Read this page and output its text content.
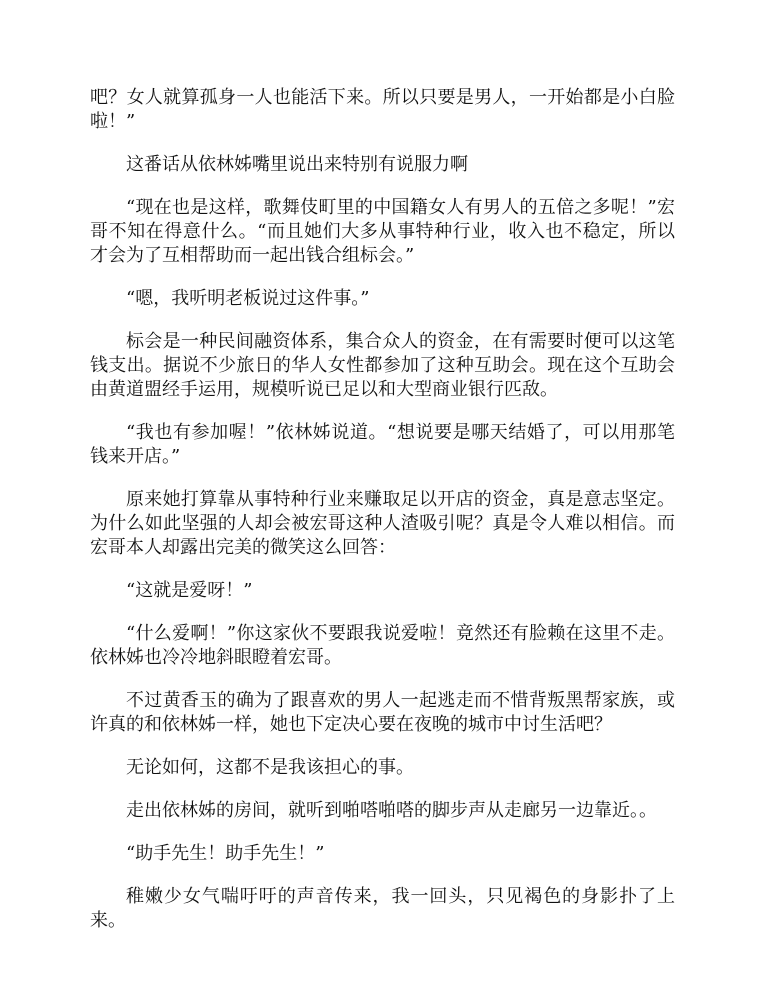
吧？女人就算孤身一人也能活下来。所以只要是男人，一开始都是小白脸啦！”

这番话从依林姊嘴里说出来特别有说服力啊

“现在也是这样，歌舞伎町里的中国籍女人有男人的五倍之多呢！”宏哥不知在得意什么。“而且她们大多从事特种行业，收入也不稳定，所以才会为了互相帮助而一起出钱合组标会。”

“嗯，我听明老板说过这件事。”

标会是一种民间融资体系，集合众人的资金，在有需要时便可以这笔钱支出。据说不少旅日的华人女性都参加了这种互助会。现在这个互助会由黄道盟经手运用，规模听说已足以和大型商业银行匹敌。

“我也有参加喔！”依林姊说道。“想说要是哪天结婚了，可以用那笔钱来开店。”

原来她打算靠从事特种行业来赚取足以开店的资金，真是意志坚定。为什么如此坚强的人却会被宏哥这种人渣吸引呢？真是令人难以相信。而宏哥本人却露出完美的微笑这么回答：

“这就是爱呀！”

“什么爱啊！”你这家伙不要跟我说爱啦！竟然还有脸赖在这里不走。依林姊也冷冷地斜眼瞪着宏哥。

不过黄香玉的确为了跟喜欢的男人一起逃走而不惜背叛黑帮家族，或许真的和依林姊一样，她也下定决心要在夜晚的城市中讨生活吧？

无论如何，这都不是我该担心的事。

走出依林姊的房间，就听到啪嗒啪嗒的脚步声从走廊另一边靠近。。

“助手先生！助手先生！”

稚嫩少女气喘吁吁的声音传来，我一回头，只见褐色的身影扑了上来。
